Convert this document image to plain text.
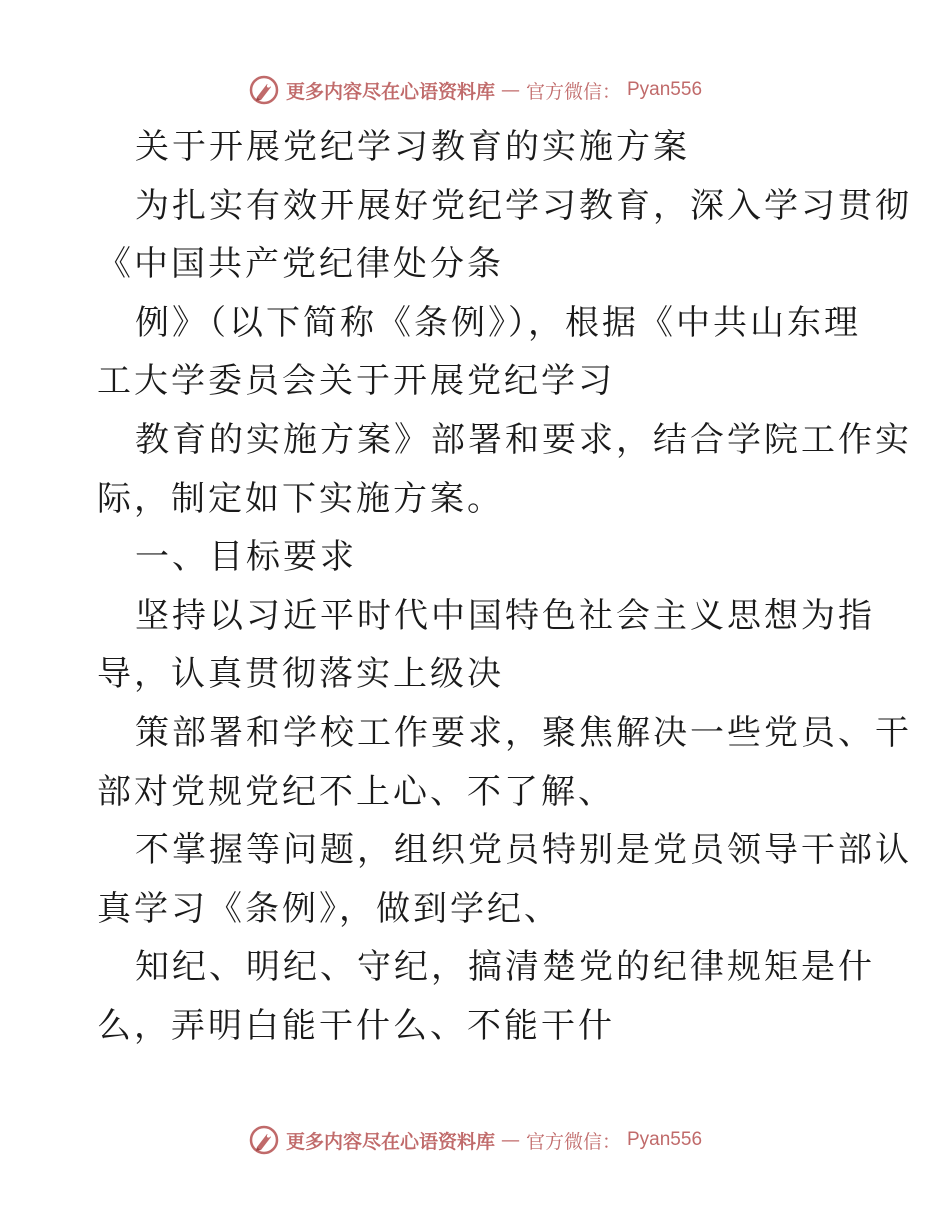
更多内容尽在心语资料库 — 官方微信： Pyan556
关于开展党纪学习教育的实施方案
为扎实有效开展好党纪学习教育，深入学习贯彻
《中国共产党纪律处分条
例》（以下简称《条例》），根据《中共山东理
工大学委员会关于开展党纪学习
教育的实施方案》部署和要求，结合学院工作实
际，制定如下实施方案。
一、目标要求
坚持以习近平时代中国特色社会主义思想为指
导，认真贯彻落实上级决
策部署和学校工作要求，聚焦解决一些党员、干
部对党规党纪不上心、不了解、
不掌握等问题，组织党员特别是党员领导干部认
真学习《条例》，做到学纪、
知纪、明纪、守纪，搞清楚党的纪律规矩是什
么，弄明白能干什么、不能干什
更多内容尽在心语资料库 — 官方微信： Pyan556
